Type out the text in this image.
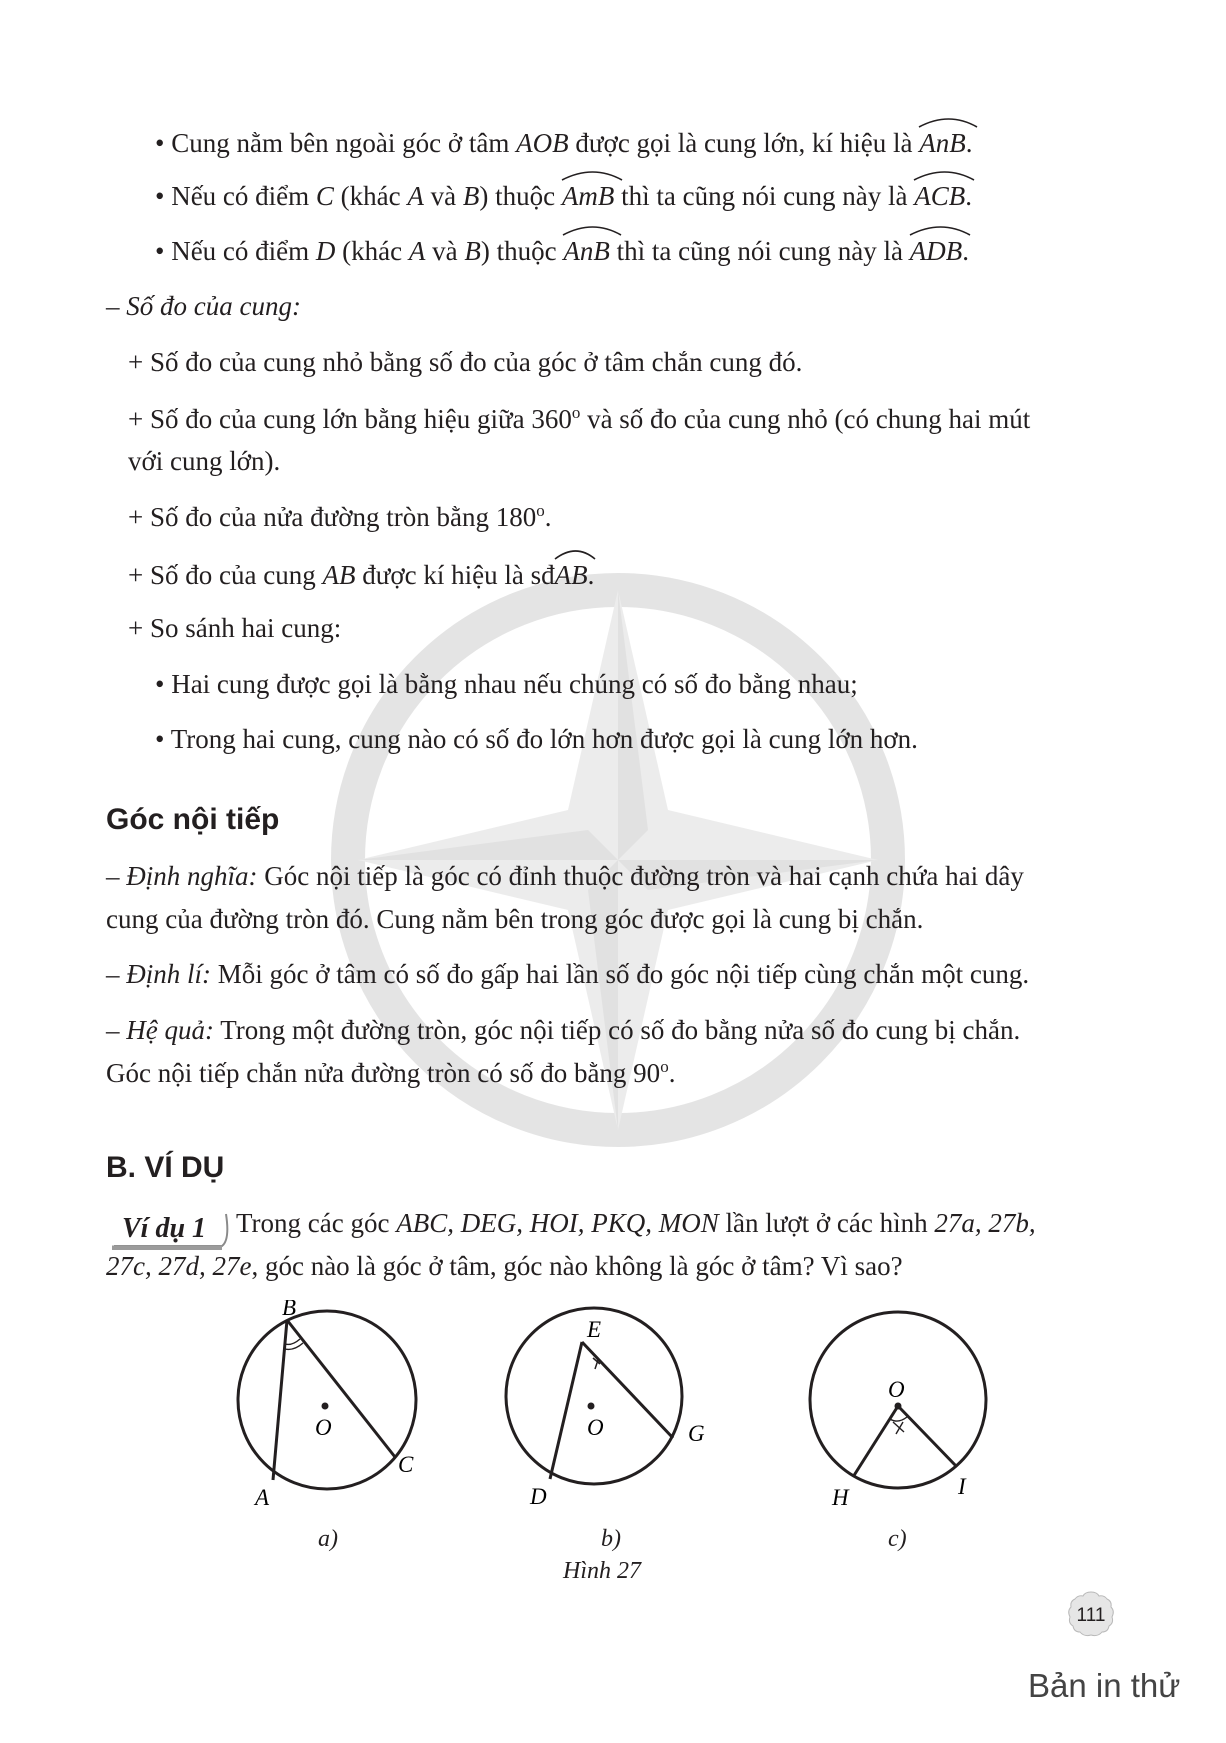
• Cung nằm bên ngoài góc ở tâm AOB được gọi là cung lớn, kí hiệu là
AnB.
• Nếu có điểm C (khác A và B) thuộc
AmB thì ta cũng nói cung này là
ACB.
• Nếu có điểm D (khác A và B) thuộc
AnB thì ta cũng nói cung này là
ADB.
– Số đo của cung:
+ Số đo của cung nhỏ bằng số đo của góc ở tâm chắn cung đó.
+ Số đo của cung lớn bằng hiệu giữa 360$^o$ và số đo của cung nhỏ (có chung hai mút
với cung lớn).
+ Số đo của nửa đường tròn bằng $180^o$.
+ Số đo của cung AB được kí hiệu là sđ
AB.
+ So sánh hai cung:
• Hai cung được gọi là bằng nhau nếu chúng có số đo bằng nhau;
• Trong hai cung, cung nào có số đo lớn hơn được gọi là cung lớn hơn.
Góc nội tiếp
– Định nghĩa: Góc nội tiếp là góc có đỉnh thuộc đường tròn và hai cạnh chứa hai dây
cung của đường tròn đó. Cung nằm bên trong góc được gọi là cung bị chắn.
– Định lí: Mỗi góc ở tâm có số đo gấp hai lần số đo góc nội tiếp cùng chắn một cung.
– Hệ quả: Trong một đường tròn, góc nội tiếp có số đo bằng nửa số đo cung bị chắn.
Góc nội tiếp chắn nửa đường tròn có số đo bằng 90$^o$.
B. VÍ DỤ
Ví dụ 1 Trong các góc ABC, DEG, HOI, PKQ, MON lần lượt ở các hình 27a, 27b,
27c, 27d, 27e, góc nào là góc ở tâm, góc nào không là góc ở tâm? Vì sao?
B
O
C
A
E
O	G
D
O
H	I
a)	b)	c)
Hình 27
111
Bản in thử
